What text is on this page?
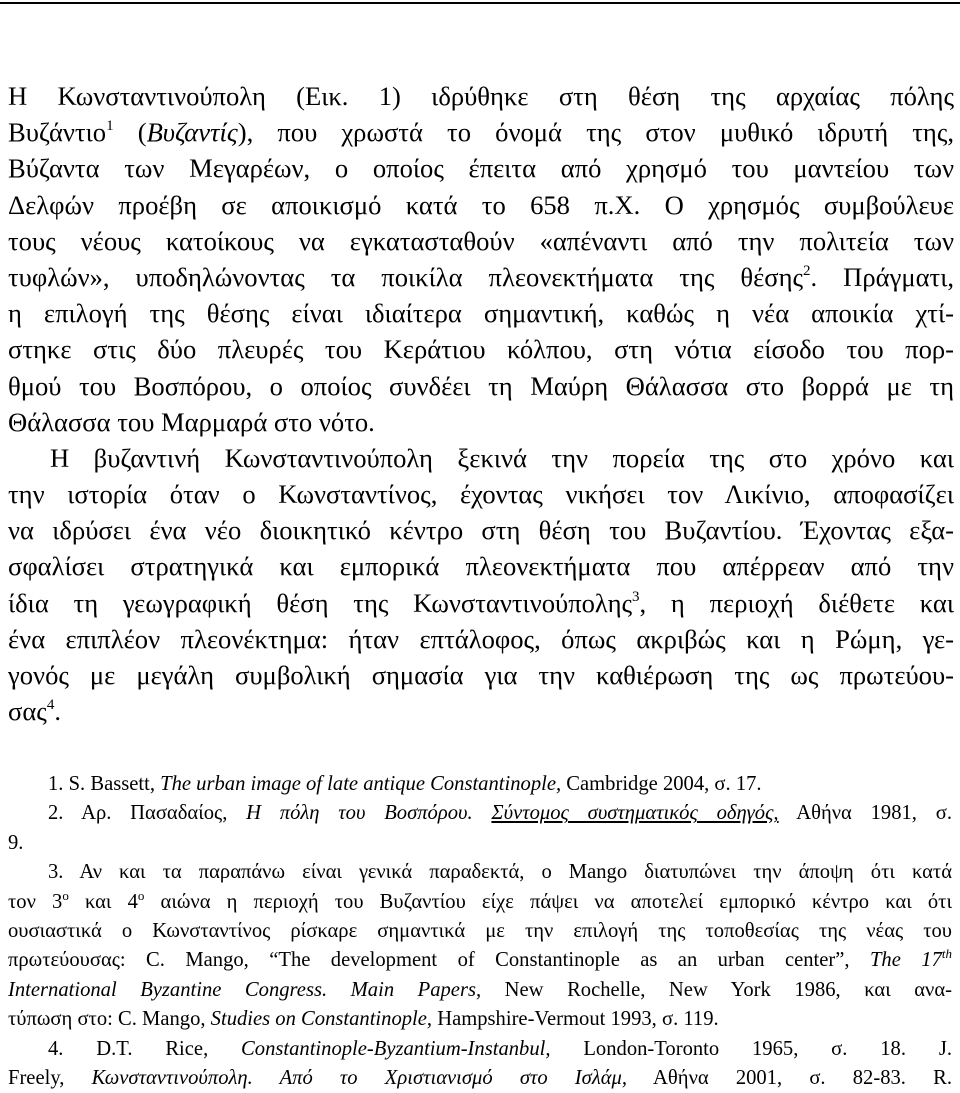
Η Κωνσταντινούπολη (Εικ. 1) ιδρύθηκε στη θέση της αρχαίας πόλης
Βυζάντιο$^1$ (Βυζαντίς), που χρωστά το όνομά της στον μυθικό ιδρυτή της,
Βύζαντα των Μεγαρέων, ο οποίος έπειτα από χρησμό του μαντείου των
Δελφών προέβη σε αποικισμό κατά το 658 π.Χ. Ο χρησμός συμβούλευε
τους νέους κατοίκους να εγκατασταθούν «απέναντι από την πολιτεία των
τυφλών», υποδηλώνοντας τα ποικίλα πλεονεκτήματα της θέσης$^2$. Πράγματι,
η επιλογή της θέσης είναι ιδιαίτερα σημαντική, καθώς η νέα αποικία χτί-
στηκε στις δύο πλευρές του Κεράτιου κόλπου, στη νότια είσοδο του πορ-
θμού του Βοσπόρου, ο οποίος συνδέει τη Μαύρη Θάλασσα στο βορρά με τη
Θάλασσα του Μαρμαρά στο νότο.
Η βυζαντινή Κωνσταντινούπολη ξεκινά την πορεία της στο χρόνο και
την ιστορία όταν ο Κωνσταντίνος, έχοντας νικήσει τον Λικίνιο, αποφασίζει
να ιδρύσει ένα νέο διοικητικό κέντρο στη θέση του Βυζαντίου. Έχοντας εξα-
σφαλίσει στρατηγικά και εμπορικά πλεονεκτήματα που απέρρεαν από την
ίδια τη γεωγραφική θέση της Κωνσταντινούπολης$^3$, η περιοχή διέθετε και
ένα επιπλέον πλεονέκτημα: ήταν επτάλοφος, όπως ακριβώς και η Ρώμη, γε-
γονός με μεγάλη συμβολική σημασία για την καθιέρωση της ως πρωτεύου-
σας$^4$.
1. S. Bassett, The urban image of late antique Constantinople, Cambridge 2004, σ. 17.
2. Αρ. Πασαδαίος, Η πόλη του Βοσπόρου. Σύντομος συστηματικός οδηγός, Αθήνα 1981, σ.
9.
3. Αν και τα παραπάνω είναι γενικά παραδεκτά, ο Mango διατυπώνει την άποψη ότι κατά
τον $3^o$ και $4^o$ αιώνα η περιοχή του Βυζαντίου είχε πάψει να αποτελεί εμπορικό κέντρο και ότι
ουσιαστικά ο Κωνσταντίνος ρίσκαρε σημαντικά με την επιλογή της τοποθεσίας της νέας του
πρωτεύουσας: C. Mango, “The development of Constantinople as an urban center”, The 17th
International Byzantine Congress. Main Papers, New Rochelle, New York 1986, και ανα-
τύπωση στο: C. Mango, Studies on Constantinople, Hampshire-Vermout 1993, σ. 119.
4. D.T. Rice, Constantinople-Byzantium-Instanbul, London-Toronto 1965, σ. 18. J.
Freely, Κωνσταντινούπολη. Από το Χριστιανισμό στο Ισλάμ, Αθήνα 2001, σ. 82-83. R.
